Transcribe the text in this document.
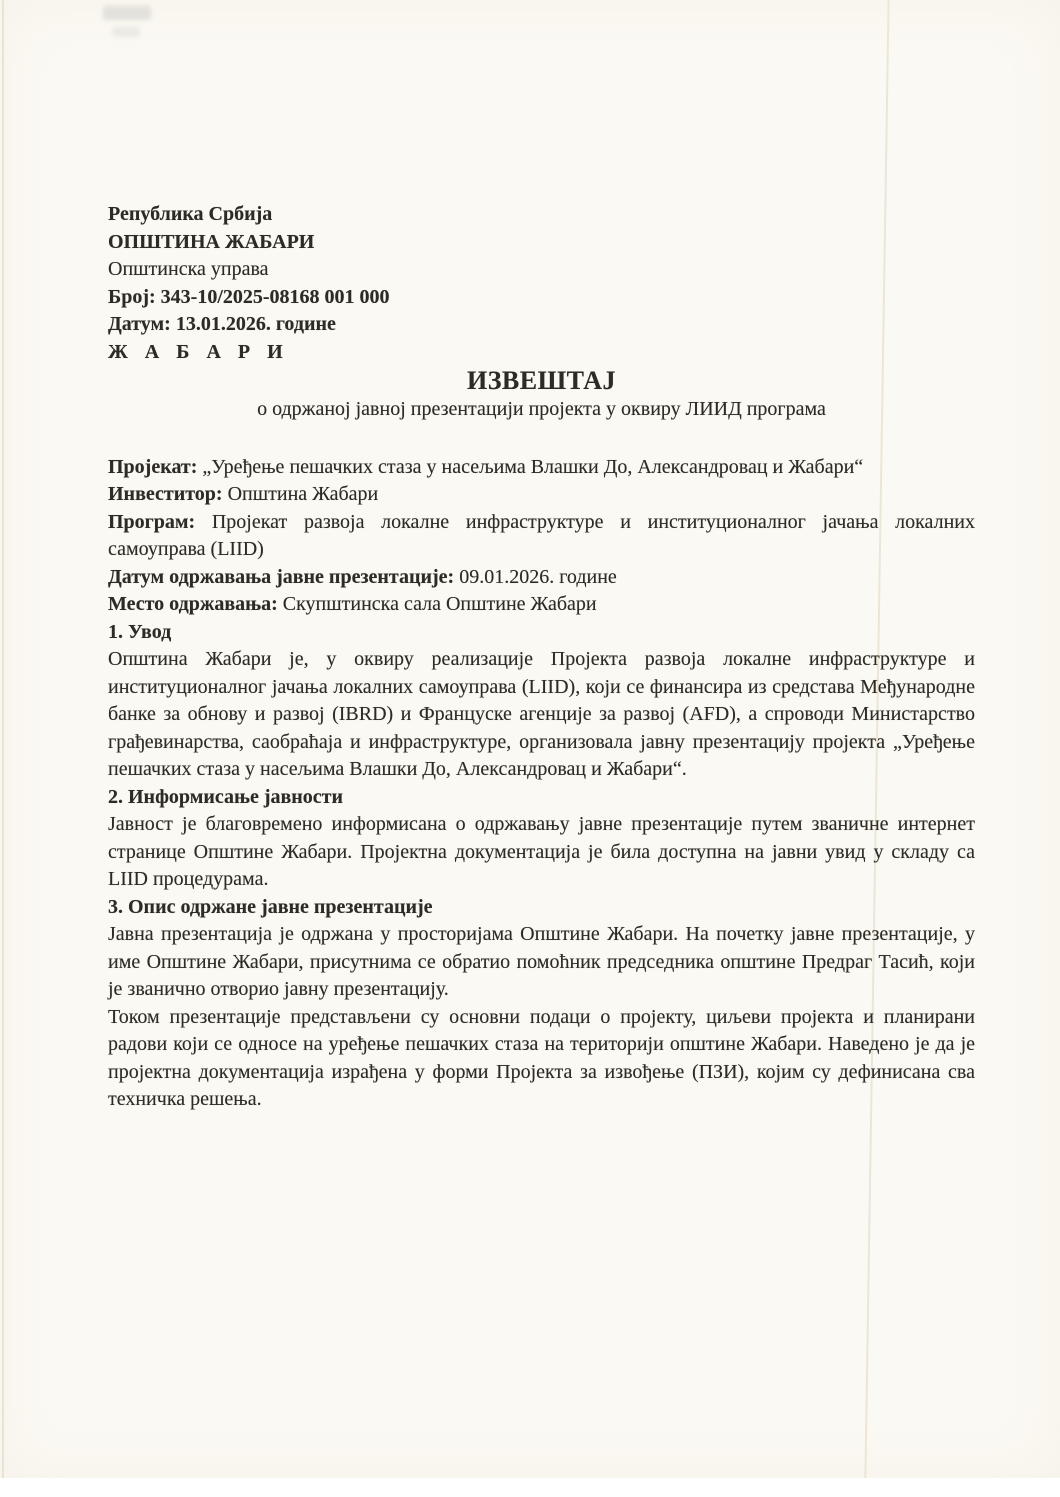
Република Србија

ОПШТИНА ЖАБАРИ

Општинска управа

Број: 343-10/2025-08168 001 000

Датум: 13.01.2026. године

Ж А Б А Р И

ИЗВЕШТАЈ

о одржаној јавној презентацији пројекта у оквиру ЛИИД програма

Пројекат: „Уређење пешачких стаза у насељима Влашки До, Александровац и Жабари“

Инвеститор: Општина Жабари

Програм: Пројекат развоја локалне инфраструктуре и институционалног јачања локалних самоуправа (LIID)

Датум одржавања јавне презентације: 09.01.2026. године

Место одржавања: Скупштинска сала Општине Жабари

1. Увод

Општина Жабари је, у оквиру реализације Пројекта развоја локалне инфраструктуре и институционалног јачања локалних самоуправа (LIID), који се финансира из средстава Међународне банке за обнову и развој (IBRD) и Француске агенције за развој (AFD), а спроводи Министарство грађевинарства, саобраћаја и инфраструктуре, организовала јавну презентацију пројекта „Уређење пешачких стаза у насељима Влашки До, Александровац и Жабари“.

2. Информисање јавности

Јавност је благовремено информисана о одржавању јавне презентације путем званичне интернет странице Општине Жабари. Пројектна документација је била доступна на јавни увид у складу са LIID процедурама.

3. Опис одржане јавне презентације

Јавна презентација је одржана у просторијама Општине Жабари. На почетку јавне презентације, у име Општине Жабари, присутнима се обратио помоћник председника општине Предраг Тасић, који је званично отворио јавну презентацију.

Током презентације представљени су основни подаци о пројекту, циљеви пројекта и планирани радови који се односе на уређење пешачких стаза на територији општине Жабари. Наведено је да је пројектна документација израђена у форми Пројекта за извођење (ПЗИ), којим су дефинисана сва техничка решења.
